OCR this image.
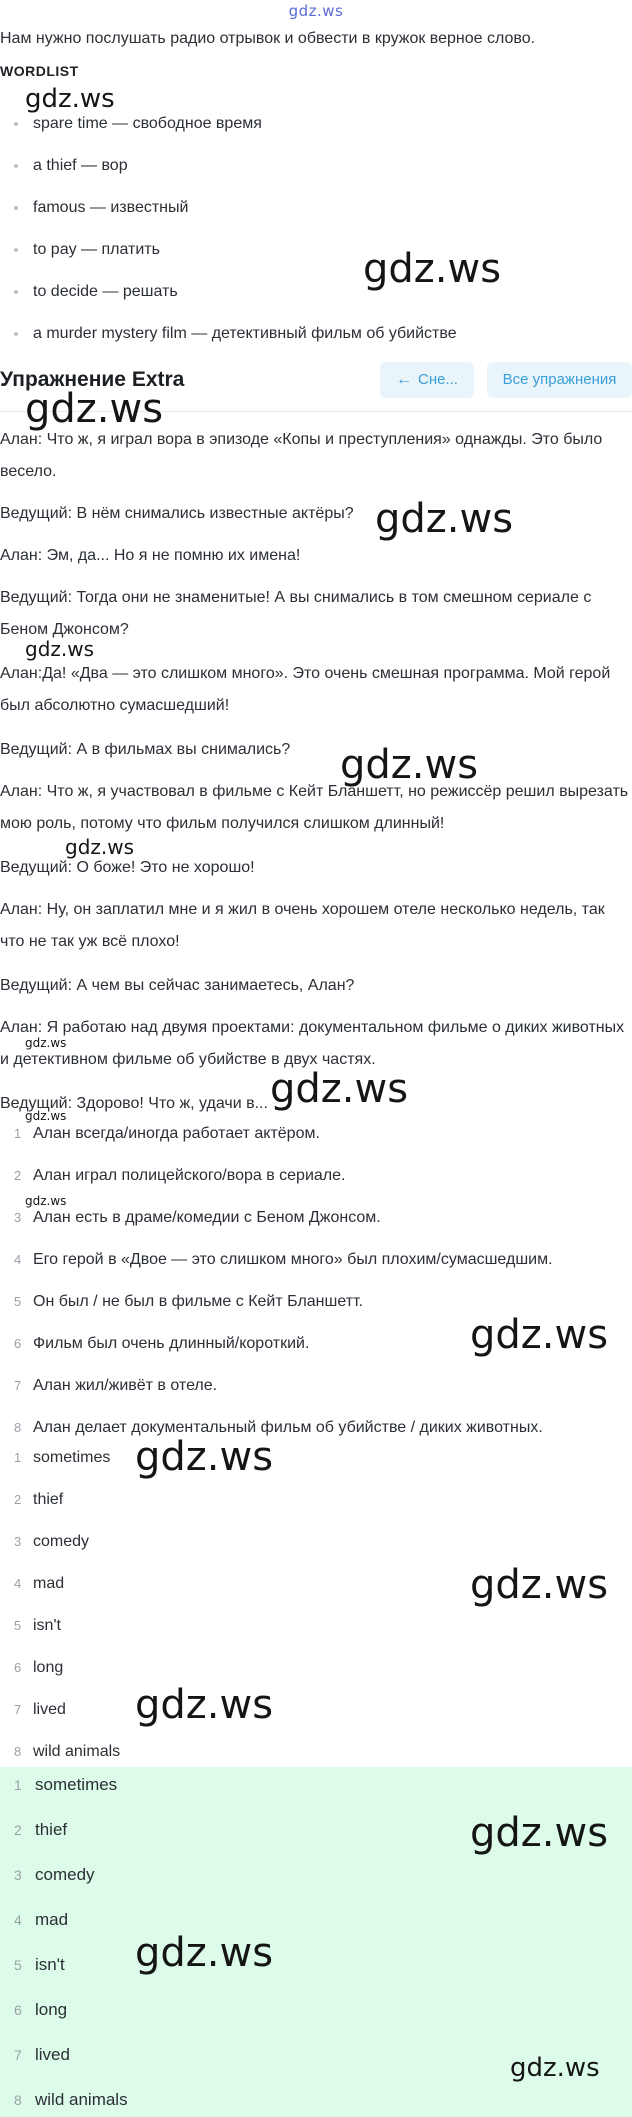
gdz.ws
Нам нужно послушать радио отрывок и обвести в кружок верное слово.
WORDLIST
spare time — свободное время
a thief — вор
famous — известный
to pay — платить
to decide — решать
a murder mystery film — детективный фильм об убийстве
Упражнение Extra	← Сне...	Все упражнения
Алан: Что ж, я играл вора в эпизоде «Копы и преступления» однажды. Это было весело.
Ведущий: В нём снимались известные актёры?
Алан: Эм, да... Но я не помню их имена!
Ведущий: Тогда они не знаменитые! А вы снимались в том смешном сериале с Беном Джонсом?
Алан:Да! «Два — это слишком много». Это очень смешная программа. Мой герой был абсолютно сумасшедший!
Ведущий: А в фильмах вы снимались?
Алан: Что ж, я участвовал в фильме с Кейт Бланшетт, но режиссёр решил вырезать мою роль, потому что фильм получился слишком длинный!
Ведущий: О боже! Это не хорошо!
Алан: Ну, он заплатил мне и я жил в очень хорошем отеле несколько недель, так что не так уж всё плохо!
Ведущий: А чем вы сейчас занимаетесь, Алан?
Алан: Я работаю над двумя проектами: документальном фильме о диких животных и детективном фильме об убийстве в двух частях.
Ведущий: Здорово! Что ж, удачи в...
1 Алан всегда/иногда работает актёром.
2 Алан играл полицейского/вора в сериале.
3 Алан есть в драме/комедии с Беном Джонсом.
4 Его герой в «Двое — это слишком много» был плохим/сумасшедшим.
5 Он был / не был в фильме с Кейт Бланшетт.
6 Фильм был очень длинный/короткий.
7 Алан жил/живёт в отеле.
8 Алан делает документальный фильм об убийстве / диких животных.
1 sometimes
2 thief
3 comedy
4 mad
5 isn't
6 long
7 lived
8 wild animals
1 sometimes
2 thief
3 comedy
4 mad
5 isn't
6 long
7 lived
8 wild animals
gdz.ws
gdz.ws
gdz.ws
gdz.ws
gdz.ws
gdz.ws
gdz.ws
gdz.ws
gdz.ws
gdz.ws
gdz.ws
gdz.ws
gdz.ws
gdz.ws
gdz.ws
gdz.ws
gdz.ws
gdz.ws
